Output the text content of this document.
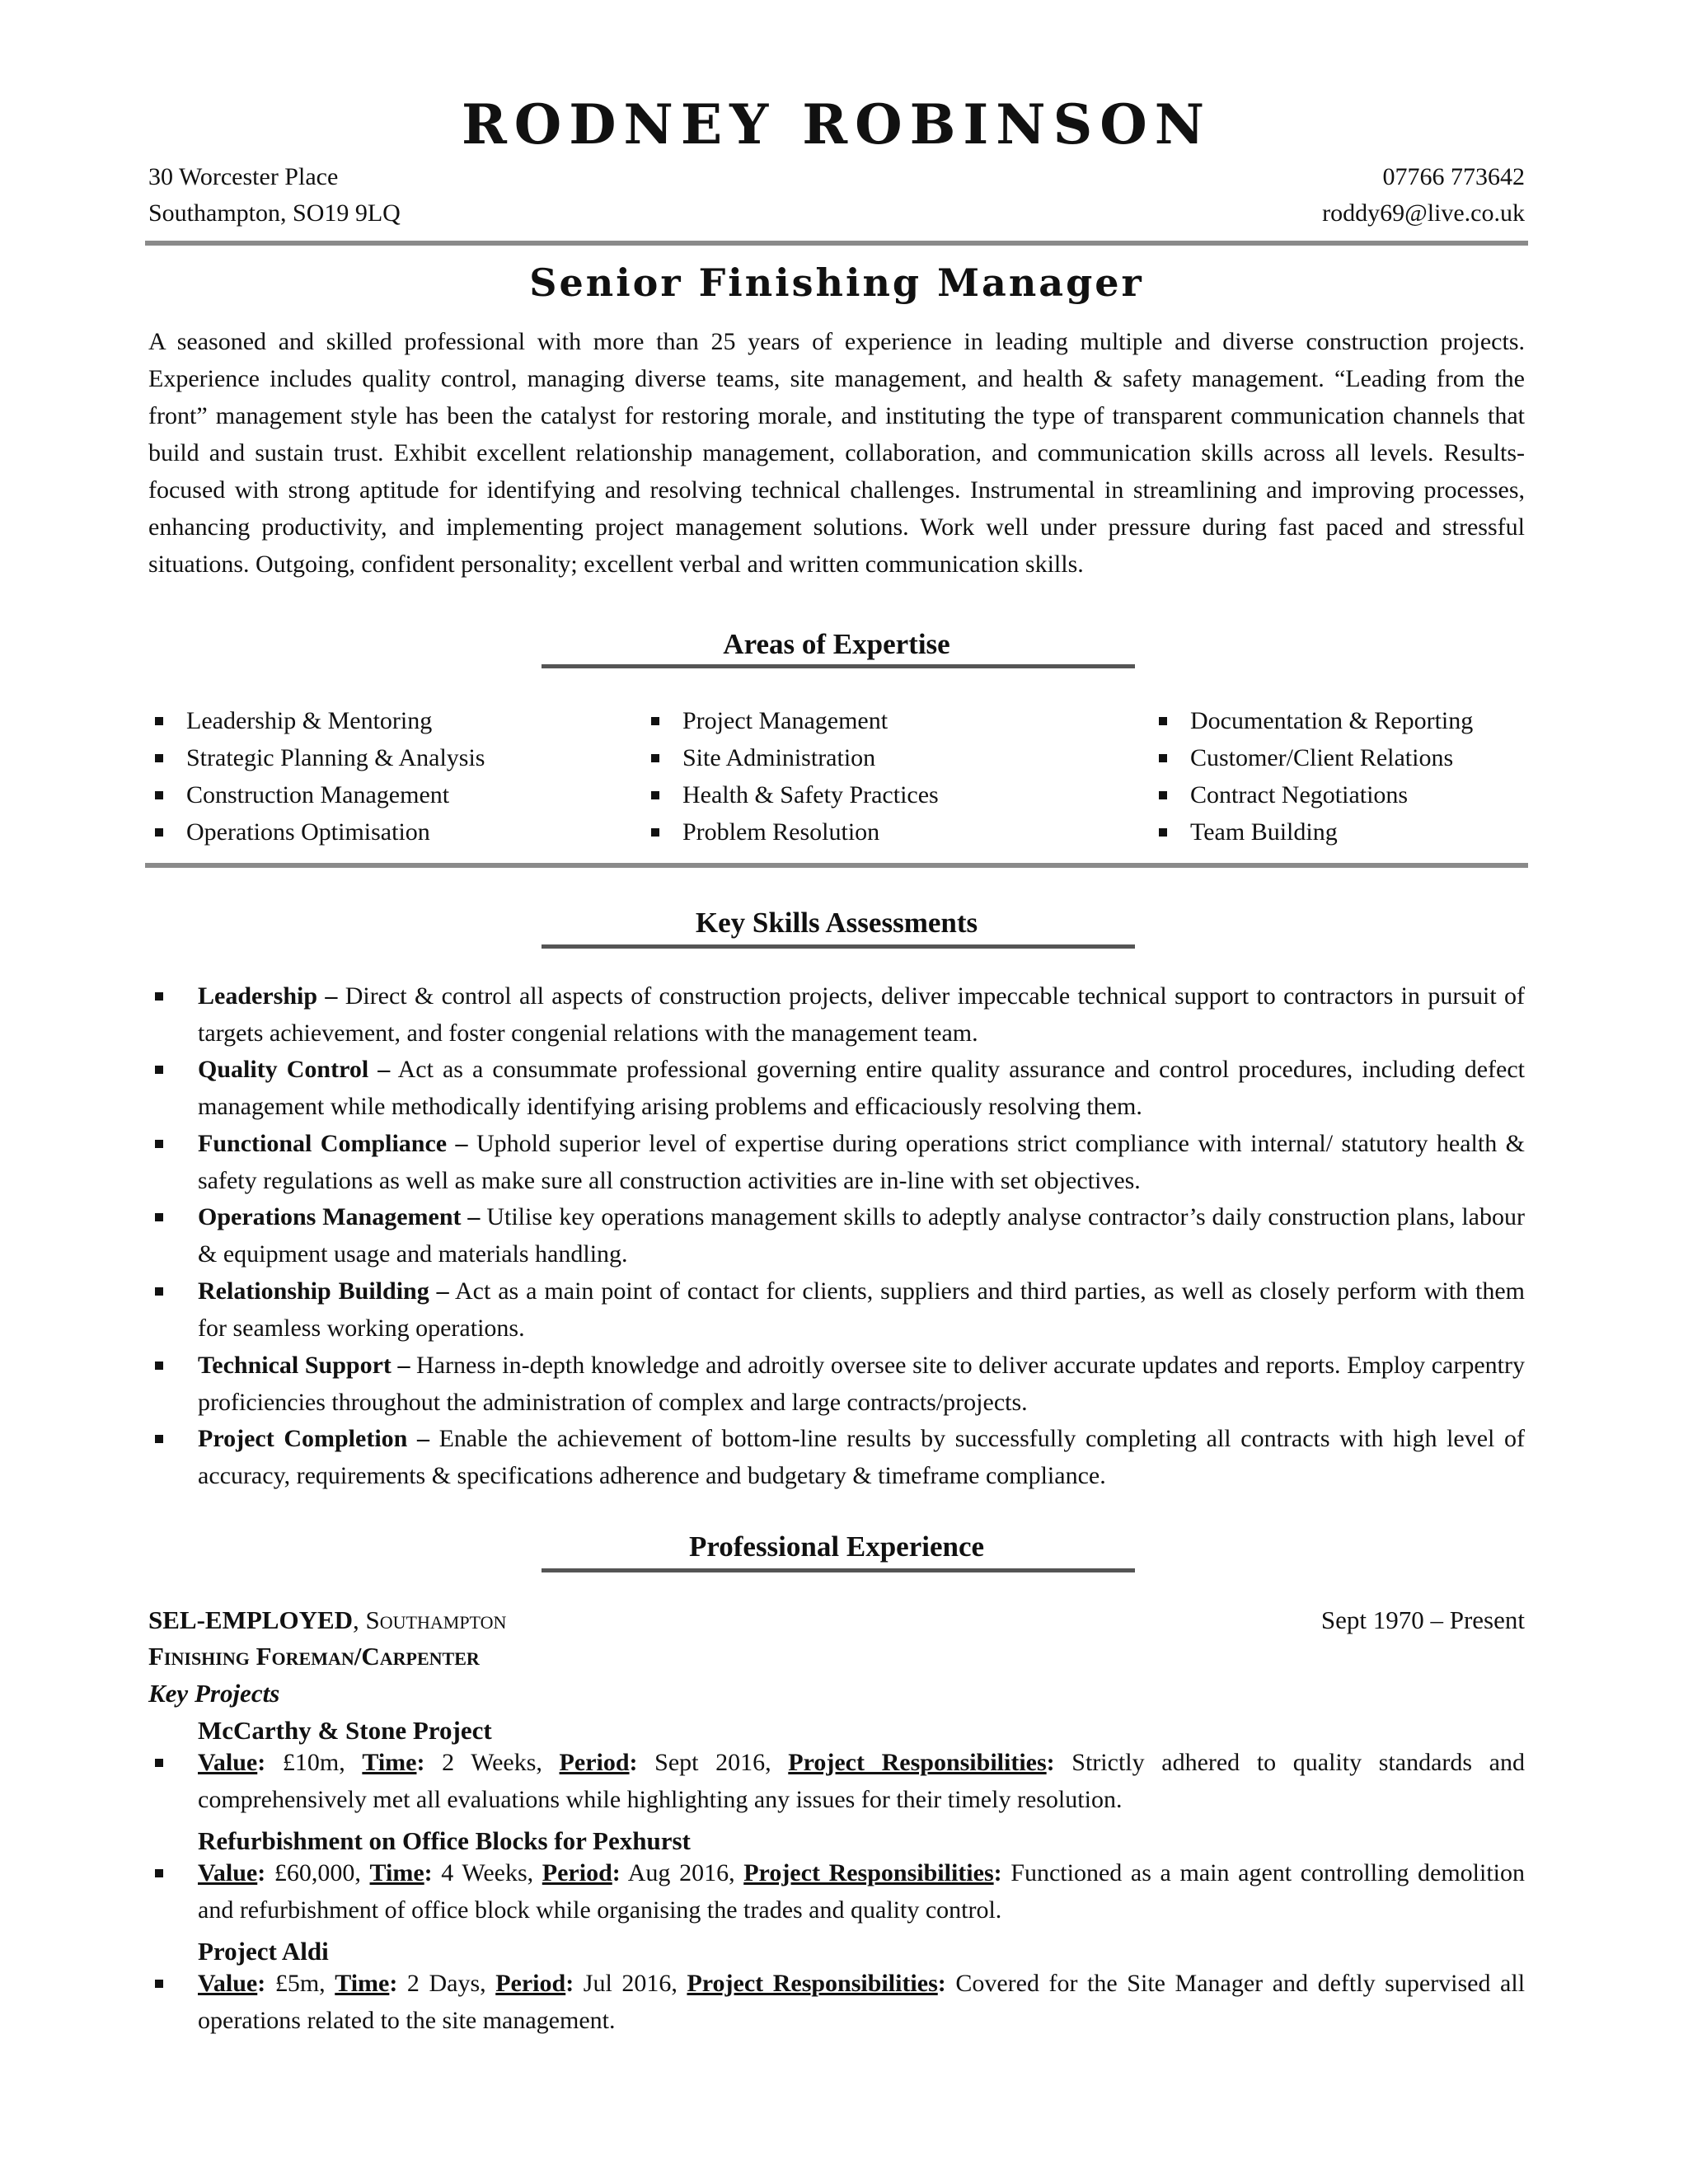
RODNEY ROBINSON
30 Worcester Place	07766 773642
Southampton, SO19 9LQ	roddy69@live.co.uk
Senior Finishing Manager

A seasoned and skilled professional with more than 25 years of experience in leading multiple and diverse construction projects. Experience includes quality control, managing diverse teams, site management, and health & safety management. “Leading from the front” management style has been the catalyst for restoring morale, and instituting the type of transparent communication channels that build and sustain trust. Exhibit excellent relationship management, collaboration, and communication skills across all levels. Results-focused with strong aptitude for identifying and resolving technical challenges. Instrumental in streamlining and improving processes, enhancing productivity, and implementing project management solutions. Work well under pressure during fast paced and stressful situations. Outgoing, confident personality; excellent verbal and written communication skills.

Areas of Expertise
Leadership & Mentoring
Strategic Planning & Analysis
Construction Management
Operations Optimisation
Project Management
Site Administration
Health & Safety Practices
Problem Resolution
Documentation & Reporting
Customer/Client Relations
Contract Negotiations
Team Building
Key Skills Assessments

Leadership – Direct & control all aspects of construction projects, deliver impeccable technical support to contractors in pursuit of targets achievement, and foster congenial relations with the management team.

Quality Control – Act as a consummate professional governing entire quality assurance and control procedures, including defect management while methodically identifying arising problems and efficaciously resolving them.

Functional Compliance – Uphold superior level of expertise during operations strict compliance with internal/ statutory health & safety regulations as well as make sure all construction activities are in-line with set objectives.

Operations Management – Utilise key operations management skills to adeptly analyse contractor’s daily construction plans, labour & equipment usage and materials handling.

Relationship Building – Act as a main point of contact for clients, suppliers and third parties, as well as closely perform with them for seamless working operations.

Technical Support – Harness in-depth knowledge and adroitly oversee site to deliver accurate updates and reports. Employ carpentry proficiencies throughout the administration of complex and large contracts/projects.

Project Completion – Enable the achievement of bottom-line results by successfully completing all contracts with high level of accuracy, requirements & specifications adherence and budgetary & timeframe compliance.

Professional Experience
SEL-EMPLOYED, Southampton	Sept 1970 – Present
Finishing Foreman/Carpenter
Key Projects
McCarthy & Stone Project

Value: £10m, Time: 2 Weeks, Period: Sept 2016, Project Responsibilities: Strictly adhered to quality standards and comprehensively met all evaluations while highlighting any issues for their timely resolution.

Refurbishment on Office Blocks for Pexhurst

Value: £60,000, Time: 4 Weeks, Period: Aug 2016, Project Responsibilities: Functioned as a main agent controlling demolition and refurbishment of office block while organising the trades and quality control.

Project Aldi

Value: £5m, Time: 2 Days, Period: Jul 2016, Project Responsibilities: Covered for the Site Manager and deftly supervised all operations related to the site management.
